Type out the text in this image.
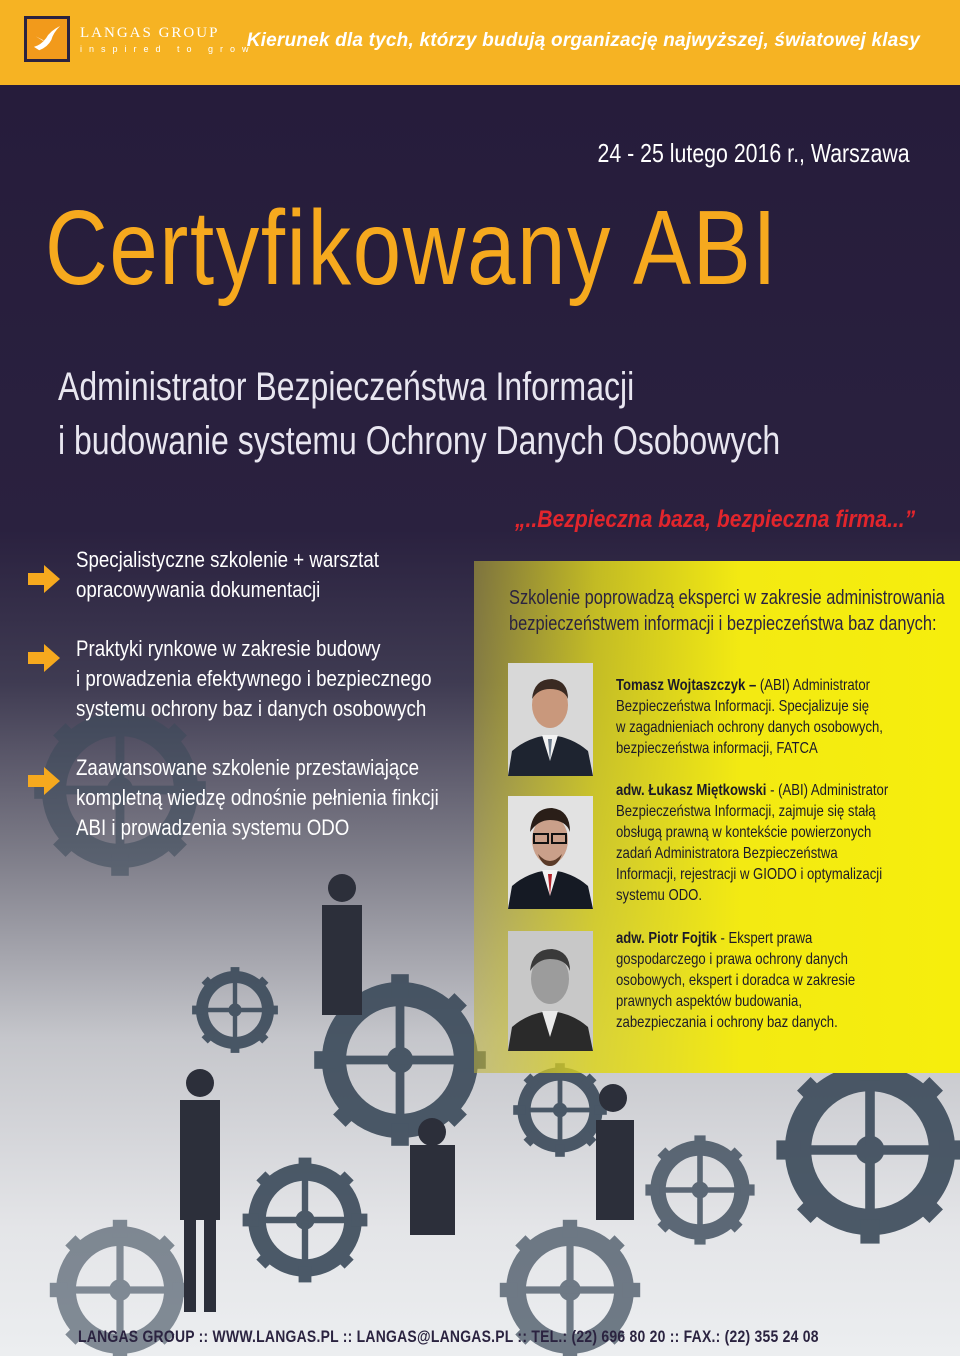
LANGAS GROUP
inspired to grow
Kierunek dla tych, którzy budują organizację najwyższej, światowej klasy
24 - 25 lutego 2016 r., Warszawa
Certyfikowany ABI
Administrator Bezpieczeństwa Informacji
i budowanie systemu Ochrony Danych Osobowych
Specjalistyczne szkolenie + warsztat
opracowywania dokumentacji
Praktyki rynkowe w zakresie budowy
i prowadzenia efektywnego i bezpiecznego
systemu ochrony baz i danych osobowych
Zaawansowane szkolenie przestawiające
kompletną wiedzę odnośnie pełnienia finkcji
ABI i prowadzenia systemu ODO
„..Bezpieczna baza, bezpieczna firma...”
Szkolenie poprowadzą eksperci w zakresie administrowania
bezpieczeństwem informacji i bezpieczeństwa baz danych:
Tomasz Wojtaszczyk – (ABI) Administrator
Bezpieczeństwa Informacji. Specjalizuje się
w zagadnieniach ochrony danych osobowych,
bezpieczeństwa informacji, FATCA
adw. Łukasz Miętkowski - (ABI) Administrator
Bezpieczeństwa Informacji, zajmuje się stałą
obsługą prawną w kontekście powierzonych
zadań Administratora Bezpieczeństwa
Informacji, rejestracji w GIODO i optymalizacji
systemu ODO.
adw. Piotr Fojtik - Ekspert prawa
gospodarczego i prawa ochrony danych
osobowych, ekspert i doradca w zakresie
prawnych aspektów budowania,
zabezpieczania i ochrony baz danych.
LANGAS GROUP :: WWW.LANGAS.PL :: LANGAS@LANGAS.PL :: TEL.: (22) 696 80 20 :: FAX.: (22) 355 24 08
